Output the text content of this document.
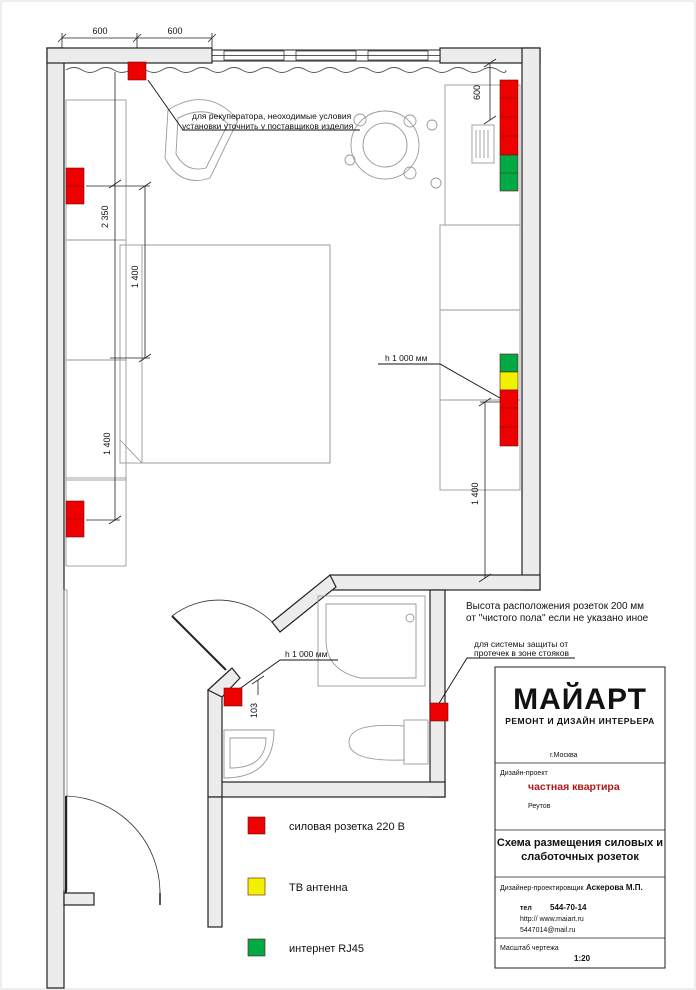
600	600
600
2 350
1 400
1 400
1 400
103
для рекуператора, неоходимые условия
установки уточнить у поставщиков изделия
h 1 000 мм
h 1 000 мм
Высота расположения розеток 200 мм
от "чистого пола" если не указано иное
для системы защиты от
протечек в зоне стояков
силовая розетка 220 В
ТВ антенна
интернет RJ45
МАЙАРТ
РЕМОНТ И ДИЗАЙН ИНТЕРЬЕРА
г.Москва
Дизайн-проект
частная квартира
Реутов
Схема размещения силовых и
слаботочных розеток
Дизайнер-проектировщик Аскерова М.П.
тел 544-70-14
http:// www.maiart.ru
5447014@mail.ru
Масштаб чертежа
1:20
